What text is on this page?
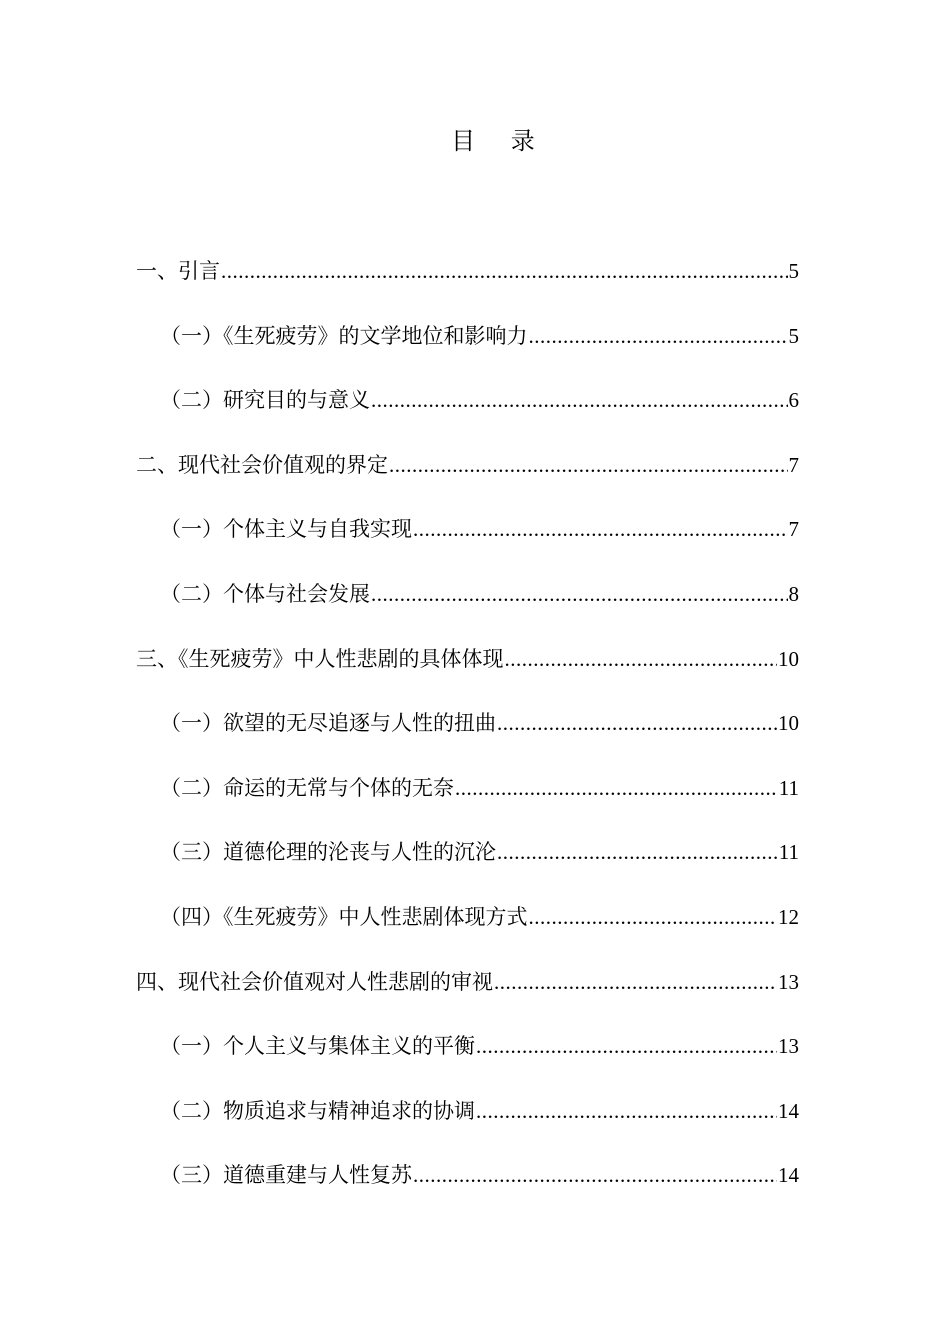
目 录
一、引言 .....	5
（一）《生死疲劳》的文学地位和影响力 .....	5
（二）研究目的与意义 .....	6
二、现代社会价值观的界定 .....	7
（一）个体主义与自我实现 .....	7
（二）个体与社会发展 .....	8
三、《生死疲劳》中人性悲剧的具体体现 .....	10
（一）欲望的无尽追逐与人性的扭曲 .....	10
（二）命运的无常与个体的无奈 .....	11
（三）道德伦理的沦丧与人性的沉沦 .....	11
（四）《生死疲劳》中人性悲剧体现方式 .....	12
四、现代社会价值观对人性悲剧的审视 .....	13
（一）个人主义与集体主义的平衡 .....	13
（二）物质追求与精神追求的协调 .....	14
（三）道德重建与人性复苏 .....	14
